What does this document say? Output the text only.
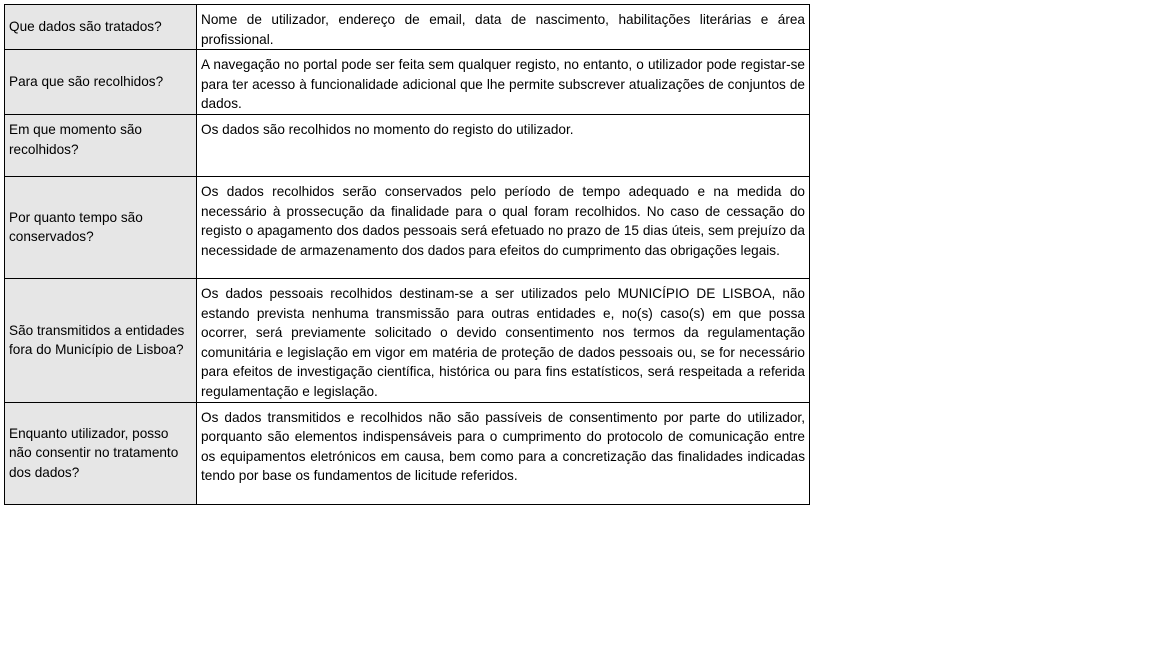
Que dados são tratados?	Nome de utilizador, endereço de email, data de nascimento, habilitações literárias e área profissional.
Para que são recolhidos?	A navegação no portal pode ser feita sem qualquer registo, no entanto, o utilizador pode registar-se para ter acesso à funcionalidade adicional que lhe permite subscrever atualizações de conjuntos de dados.
Em que momento são recolhidos?	Os dados são recolhidos no momento do registo do utilizador.
Por quanto tempo são conservados?	Os dados recolhidos serão conservados pelo período de tempo adequado e na medida do necessário à prossecução da finalidade para o qual foram recolhidos. No caso de cessação do registo o apagamento dos dados pessoais será efetuado no prazo de 15 dias úteis, sem prejuízo da necessidade de armazenamento dos dados para efeitos do cumprimento das obrigações legais.
São transmitidos a entidades fora do Município de Lisboa?	Os dados pessoais recolhidos destinam-se a ser utilizados pelo MUNICÍPIO DE LISBOA, não estando prevista nenhuma transmissão para outras entidades e, no(s) caso(s) em que possa ocorrer, será previamente solicitado o devido consentimento nos termos da regulamentação comunitária e legislação em vigor em matéria de proteção de dados pessoais ou, se for necessário para efeitos de investigação científica, histórica ou para fins estatísticos, será respeitada a referida regulamentação e legislação.
Enquanto utilizador, posso não consentir no tratamento dos dados?	Os dados transmitidos e recolhidos não são passíveis de consentimento por parte do utilizador, porquanto são elementos indispensáveis para o cumprimento do protocolo de comunicação entre os equipamentos eletrónicos em causa, bem como para a concretização das finalidades indicadas tendo por base os fundamentos de licitude referidos.
